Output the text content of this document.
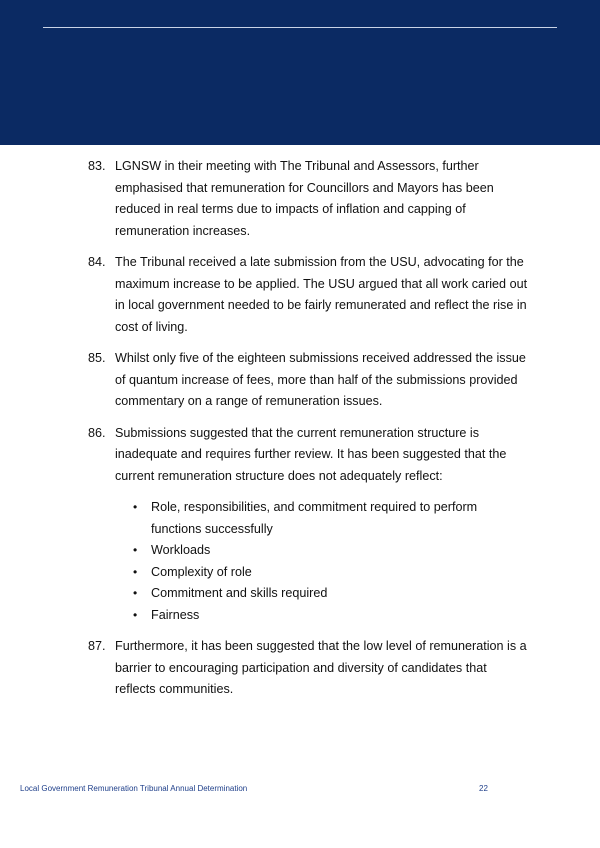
83. LGNSW in their meeting with The Tribunal and Assessors, further emphasised that remuneration for Councillors and Mayors has been reduced in real terms due to impacts of inflation and capping of remuneration increases.
84. The Tribunal received a late submission from the USU, advocating for the maximum increase to be applied. The USU argued that all work caried out in local government needed to be fairly remunerated and reflect the rise in cost of living.
85. Whilst only five of the eighteen submissions received addressed the issue of quantum increase of fees, more than half of the submissions provided commentary on a range of remuneration issues.
86. Submissions suggested that the current remuneration structure is inadequate and requires further review. It has been suggested that the current remuneration structure does not adequately reflect:
• Role, responsibilities, and commitment required to perform functions successfully
• Workloads
• Complexity of role
• Commitment and skills required
• Fairness
87. Furthermore, it has been suggested that the low level of remuneration is a barrier to encouraging participation and diversity of candidates that reflects communities.
Local Government Remuneration Tribunal Annual Determination	22
